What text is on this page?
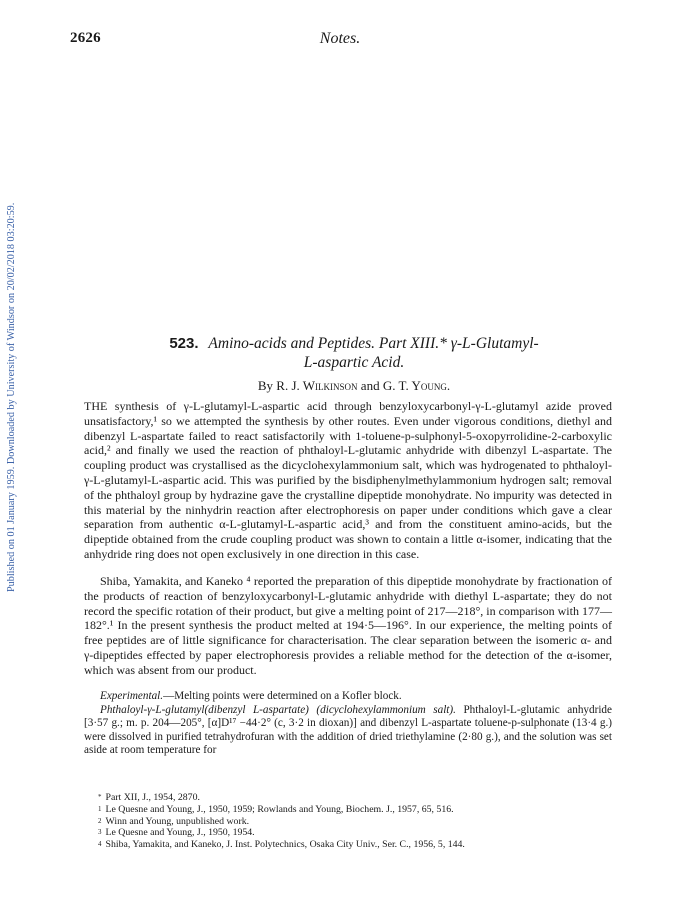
2626	Notes.
Published on 01 January 1959. Downloaded by University of Windsor on 20/02/2018 03:20:59.	523. Amino-acids and Peptides. Part XIII.* γ-L-Glutamyl-
L-aspartic Acid.
By R. J. Wilkinson and G. T. Young.

THE synthesis of γ-L-glutamyl-L-aspartic acid through benzyloxycarbonyl-γ-L-glutamyl azide proved unsatisfactory,¹ so we attempted the synthesis by other routes. Even under vigorous conditions, diethyl and dibenzyl L-aspartate failed to react satisfactorily with 1-toluene-p-sulphonyl-5-oxopyrrolidine-2-carboxylic acid,² and finally we used the reaction of phthaloyl-L-glutamic anhydride with dibenzyl L-aspartate. The coupling product was crystallised as the dicyclohexylammonium salt, which was hydrogenated to phthaloyl-γ-L-glutamyl-L-aspartic acid. This was purified by the bisdiphenylmethylammonium hydrogen salt; removal of the phthaloyl group by hydrazine gave the crystalline dipeptide monohydrate. No impurity was detected in this material by the ninhydrin reaction after electrophoresis on paper under conditions which gave a clear separation from authentic α-L-glutamyl-L-aspartic acid,³ and from the constituent amino-acids, but the dipeptide obtained from the crude coupling product was shown to contain a little α-isomer, indicating that the anhydride ring does not open exclusively in one direction in this case.

Shiba, Yamakita, and Kaneko ⁴ reported the preparation of this dipeptide monohydrate by fractionation of the products of reaction of benzyloxycarbonyl-L-glutamic anhydride with diethyl L-aspartate; they do not record the specific rotation of their product, but give a melting point of 217—218°, in comparison with 177—182°.¹ In the present synthesis the product melted at 194·5—196°. In our experience, the melting points of free peptides are of little significance for characterisation. The clear separation between the isomeric α- and γ-dipeptides effected by paper electrophoresis provides a reliable method for the detection of the α-isomer, which was absent from our product.

Experimental.—Melting points were determined on a Kofler block.

Phthaloyl-γ-L-glutamyl(dibenzyl L-aspartate) (dicyclohexylammonium salt). Phthaloyl-L-glutamic anhydride [3·57 g.; m. p. 204—205°, [α]D¹⁷ −44·2° (c, 3·2 in dioxan)] and dibenzyl L-aspartate toluene-p-sulphonate (13·4 g.) were dissolved in purified tetrahydrofuran with the addition of dried triethylamine (2·80 g.), and the solution was set aside at room temperature for

* Part XII, J., 1954, 2870.
$^1$ Le Quesne and Young, J., 1950, 1959; Rowlands and Young, Biochem. J., 1957, 65, 516.
$^2$ Winn and Young, unpublished work.
$^3$ Le Quesne and Young, J., 1950, 1954.
$^4$ Shiba, Yamakita, and Kaneko, J. Inst. Polytechnics, Osaka City Univ., Ser. C., 1956, 5, 144.
